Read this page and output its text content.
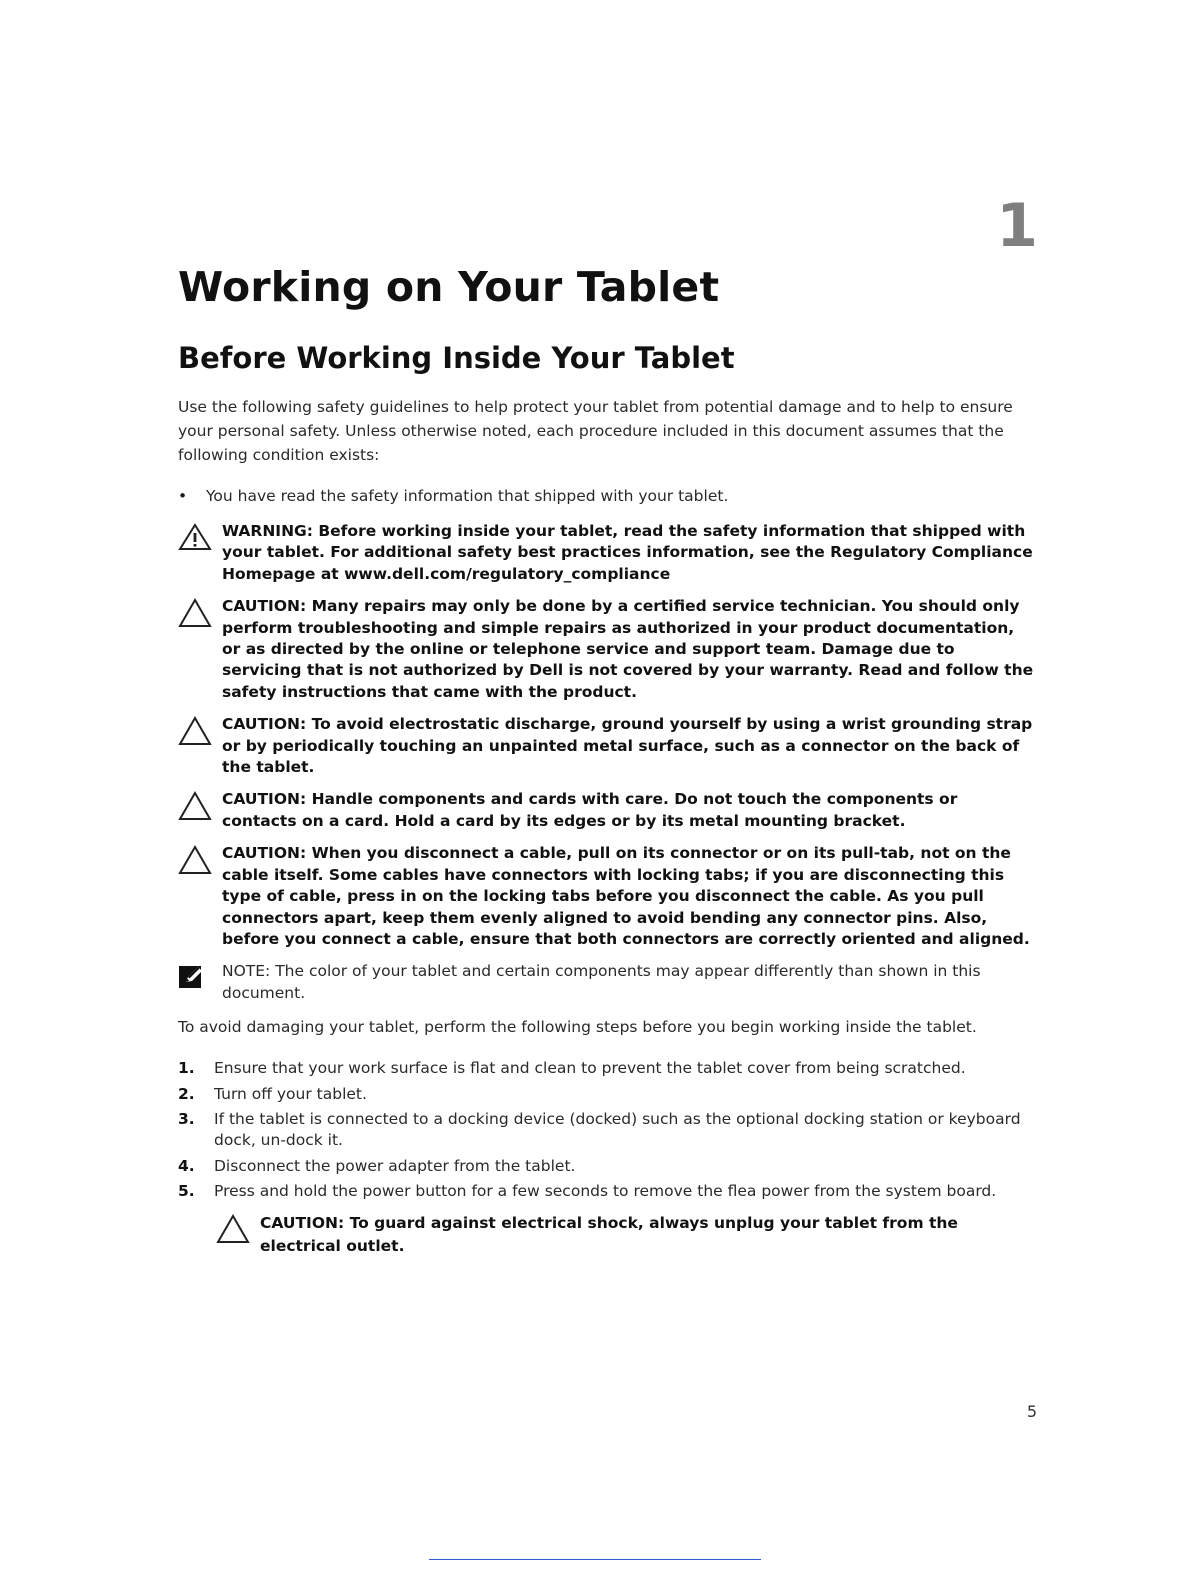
1
Working on Your Tablet
Before Working Inside Your Tablet

Use the following safety guidelines to help protect your tablet from potential damage and to help to ensure your personal safety. Unless otherwise noted, each procedure included in this document assumes that the following condition exists:

•	You have read the safety information that shipped with your tablet.

WARNING: Before working inside your tablet, read the safety information that shipped with your tablet. For additional safety best practices information, see the Regulatory Compliance Homepage at www.dell.com/regulatory_compliance

CAUTION: Many repairs may only be done by a certified service technician. You should only perform troubleshooting and simple repairs as authorized in your product documentation, or as directed by the online or telephone service and support team. Damage due to servicing that is not authorized by Dell is not covered by your warranty. Read and follow the safety instructions that came with the product.

CAUTION: To avoid electrostatic discharge, ground yourself by using a wrist grounding strap or by periodically touching an unpainted metal surface, such as a connector on the back of the tablet.

CAUTION: Handle components and cards with care. Do not touch the components or contacts on a card. Hold a card by its edges or by its metal mounting bracket.

CAUTION: When you disconnect a cable, pull on its connector or on its pull-tab, not on the cable itself. Some cables have connectors with locking tabs; if you are disconnecting this type of cable, press in on the locking tabs before you disconnect the cable. As you pull connectors apart, keep them evenly aligned to avoid bending any connector pins. Also, before you connect a cable, ensure that both connectors are correctly oriented and aligned.

NOTE: The color of your tablet and certain components may appear differently than shown in this document.

To avoid damaging your tablet, perform the following steps before you begin working inside the tablet.

1.	Ensure that your work surface is flat and clean to prevent the tablet cover from being scratched.

2.	Turn off your tablet.

3.	If the tablet is connected to a docking device (docked) such as the optional docking station or keyboard dock, un-dock it.

4.	Disconnect the power adapter from the tablet.

5.	Press and hold the power button for a few seconds to remove the flea power from the system board.

CAUTION: To guard against electrical shock, always unplug your tablet from the electrical outlet.

5
